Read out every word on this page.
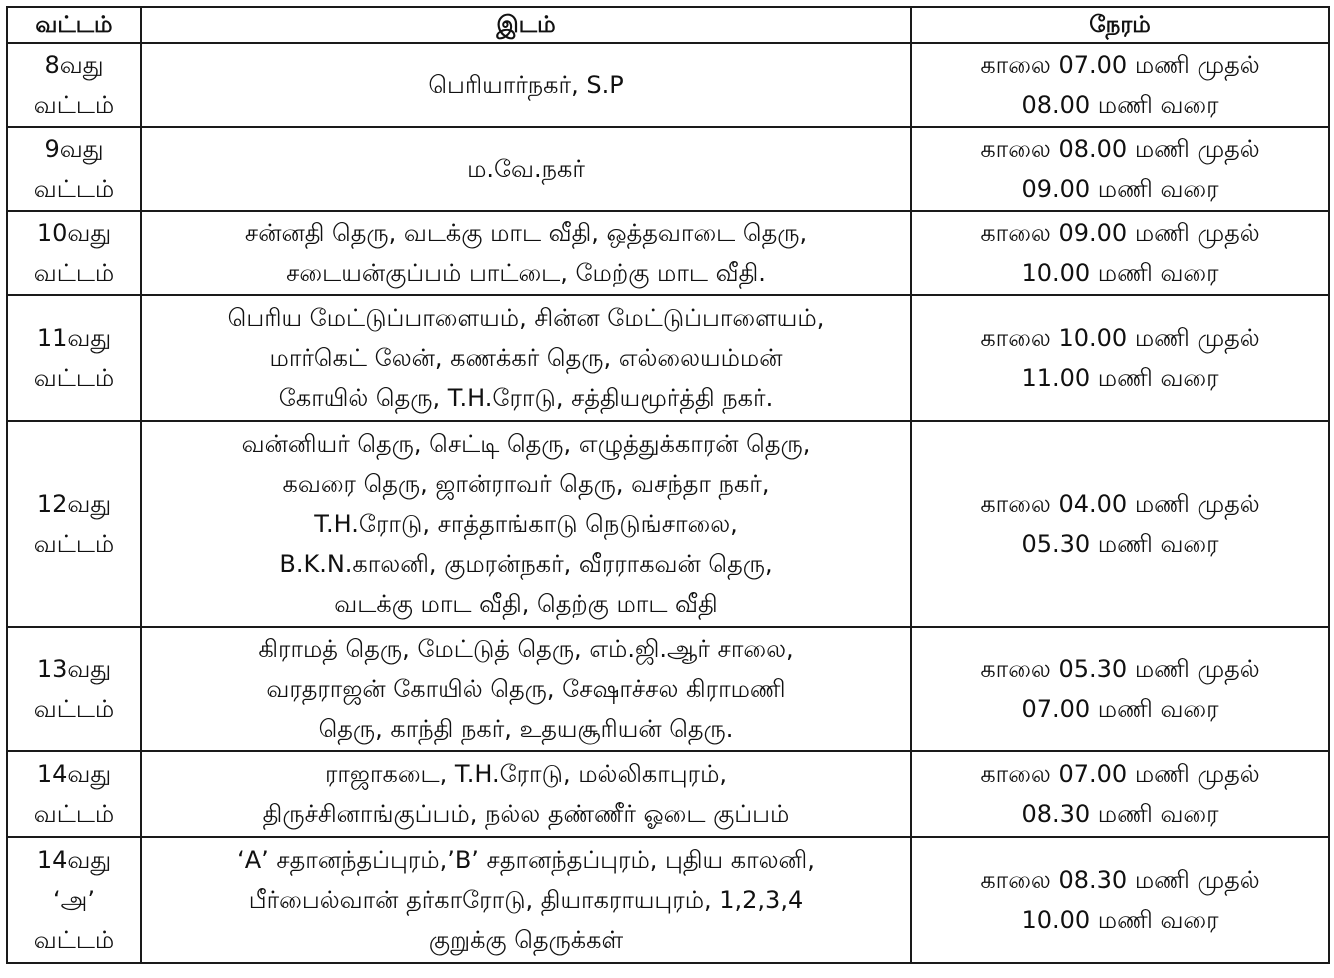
வட்டம்	இடம்	நேரம்

8வது
வட்டம்	பெரியார்நகர், S.P	காலை 07.00 மணி முதல்
08.00 மணி வரை

9வது
வட்டம்	ம.வே.நகர்	காலை 08.00 மணி முதல்
09.00 மணி வரை

10வது
வட்டம்	சன்னதி தெரு, வடக்கு மாட வீதி, ஒத்தவாடை தெரு,
சடையன்குப்பம் பாட்டை, மேற்கு மாட வீதி.	காலை 09.00 மணி முதல்
10.00 மணி வரை

11வது
வட்டம்	பெரிய மேட்டுப்பாளையம், சின்ன மேட்டுப்பாளையம்,
மார்கெட் லேன், கணக்கர் தெரு, எல்லையம்மன்
கோயில் தெரு, T.H.ரோடு, சத்தியமூர்த்தி நகர்.	காலை 10.00 மணி முதல்
11.00 மணி வரை

12வது
வட்டம்	வன்னியர் தெரு, செட்டி தெரு, எழுத்துக்காரன் தெரு,
கவரை தெரு, ஜான்ராவர் தெரு, வசந்தா நகர்,
T.H.ரோடு, சாத்தாங்காடு நெடுங்சாலை,
B.K.N.காலனி, குமரன்நகர், வீரராகவன் தெரு,
வடக்கு மாட வீதி, தெற்கு மாட வீதி	காலை 04.00 மணி முதல்
05.30 மணி வரை

13வது
வட்டம்	கிராமத் தெரு, மேட்டுத் தெரு, எம்.ஜி.ஆர் சாலை,
வரதராஜன் கோயில் தெரு, சேஷாச்சல கிராமணி
தெரு, காந்தி நகர், உதயசூரியன் தெரு.	காலை 05.30 மணி முதல்
07.00 மணி வரை

14வது
வட்டம்	ராஜாகடை, T.H.ரோடு, மல்லிகாபுரம்,
திருச்சினாங்குப்பம், நல்ல தண்ணீர் ஓடை குப்பம்	காலை 07.00 மணி முதல்
08.30 மணி வரை

14வது
‘அ’
வட்டம்	‘A’ சதானந்தப்புரம்,’B’ சதானந்தப்புரம், புதிய காலனி,
பீர்பைல்வான் தர்காரோடு, தியாகராயபுரம், 1,2,3,4
குறுக்கு தெருக்கள்	காலை 08.30 மணி முதல்
10.00 மணி வரை
